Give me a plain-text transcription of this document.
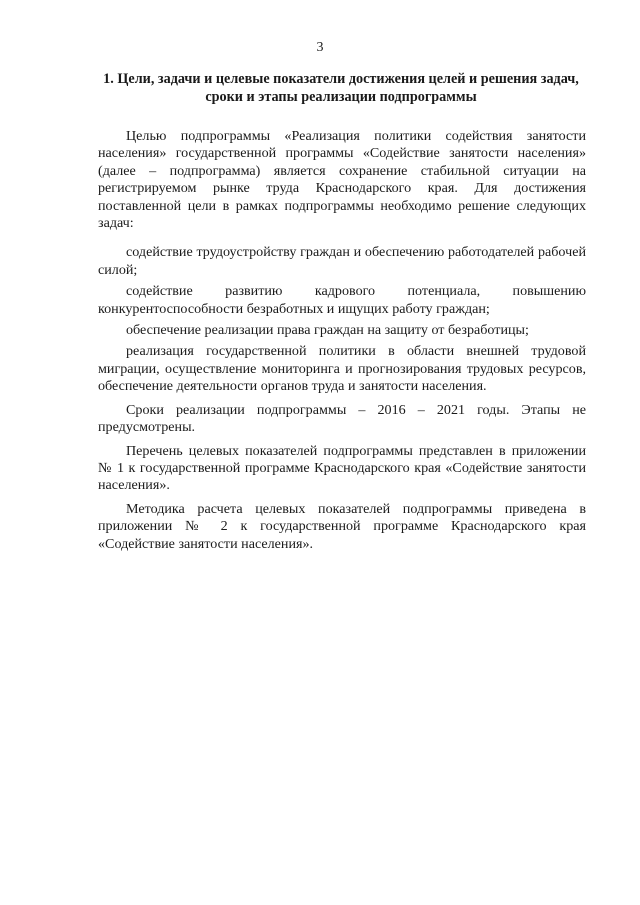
3
1. Цели, задачи и целевые показатели достижения целей и решения задач, сроки и этапы реализации подпрограммы

Целью подпрограммы «Реализация политики содействия занятости населения» государственной программы «Содействие занятости населения» (далее – подпрограмма) является сохранение стабильной ситуации на регистрируемом рынке труда Краснодарского края. Для достижения поставленной цели в рамках подпрограммы необходимо решение следующих задач:

содействие трудоустройству граждан и обеспечению работодателей рабочей силой;

содействие развитию кадрового потенциала, повышению конкурентоспособности безработных и ищущих работу граждан;

обеспечение реализации права граждан на защиту от безработицы;

реализация государственной политики в области внешней трудовой миграции, осуществление мониторинга и прогнозирования трудовых ресурсов, обеспечение деятельности органов труда и занятости населения.

Сроки реализации подпрограммы – 2016 – 2021 годы. Этапы не предусмотрены.

Перечень целевых показателей подпрограммы представлен в приложении № 1 к государственной программе Краснодарского края «Содействие занятости населения».

Методика расчета целевых показателей подпрограммы приведена в приложении № 2 к государственной программе Краснодарского края «Содействие занятости населения».
